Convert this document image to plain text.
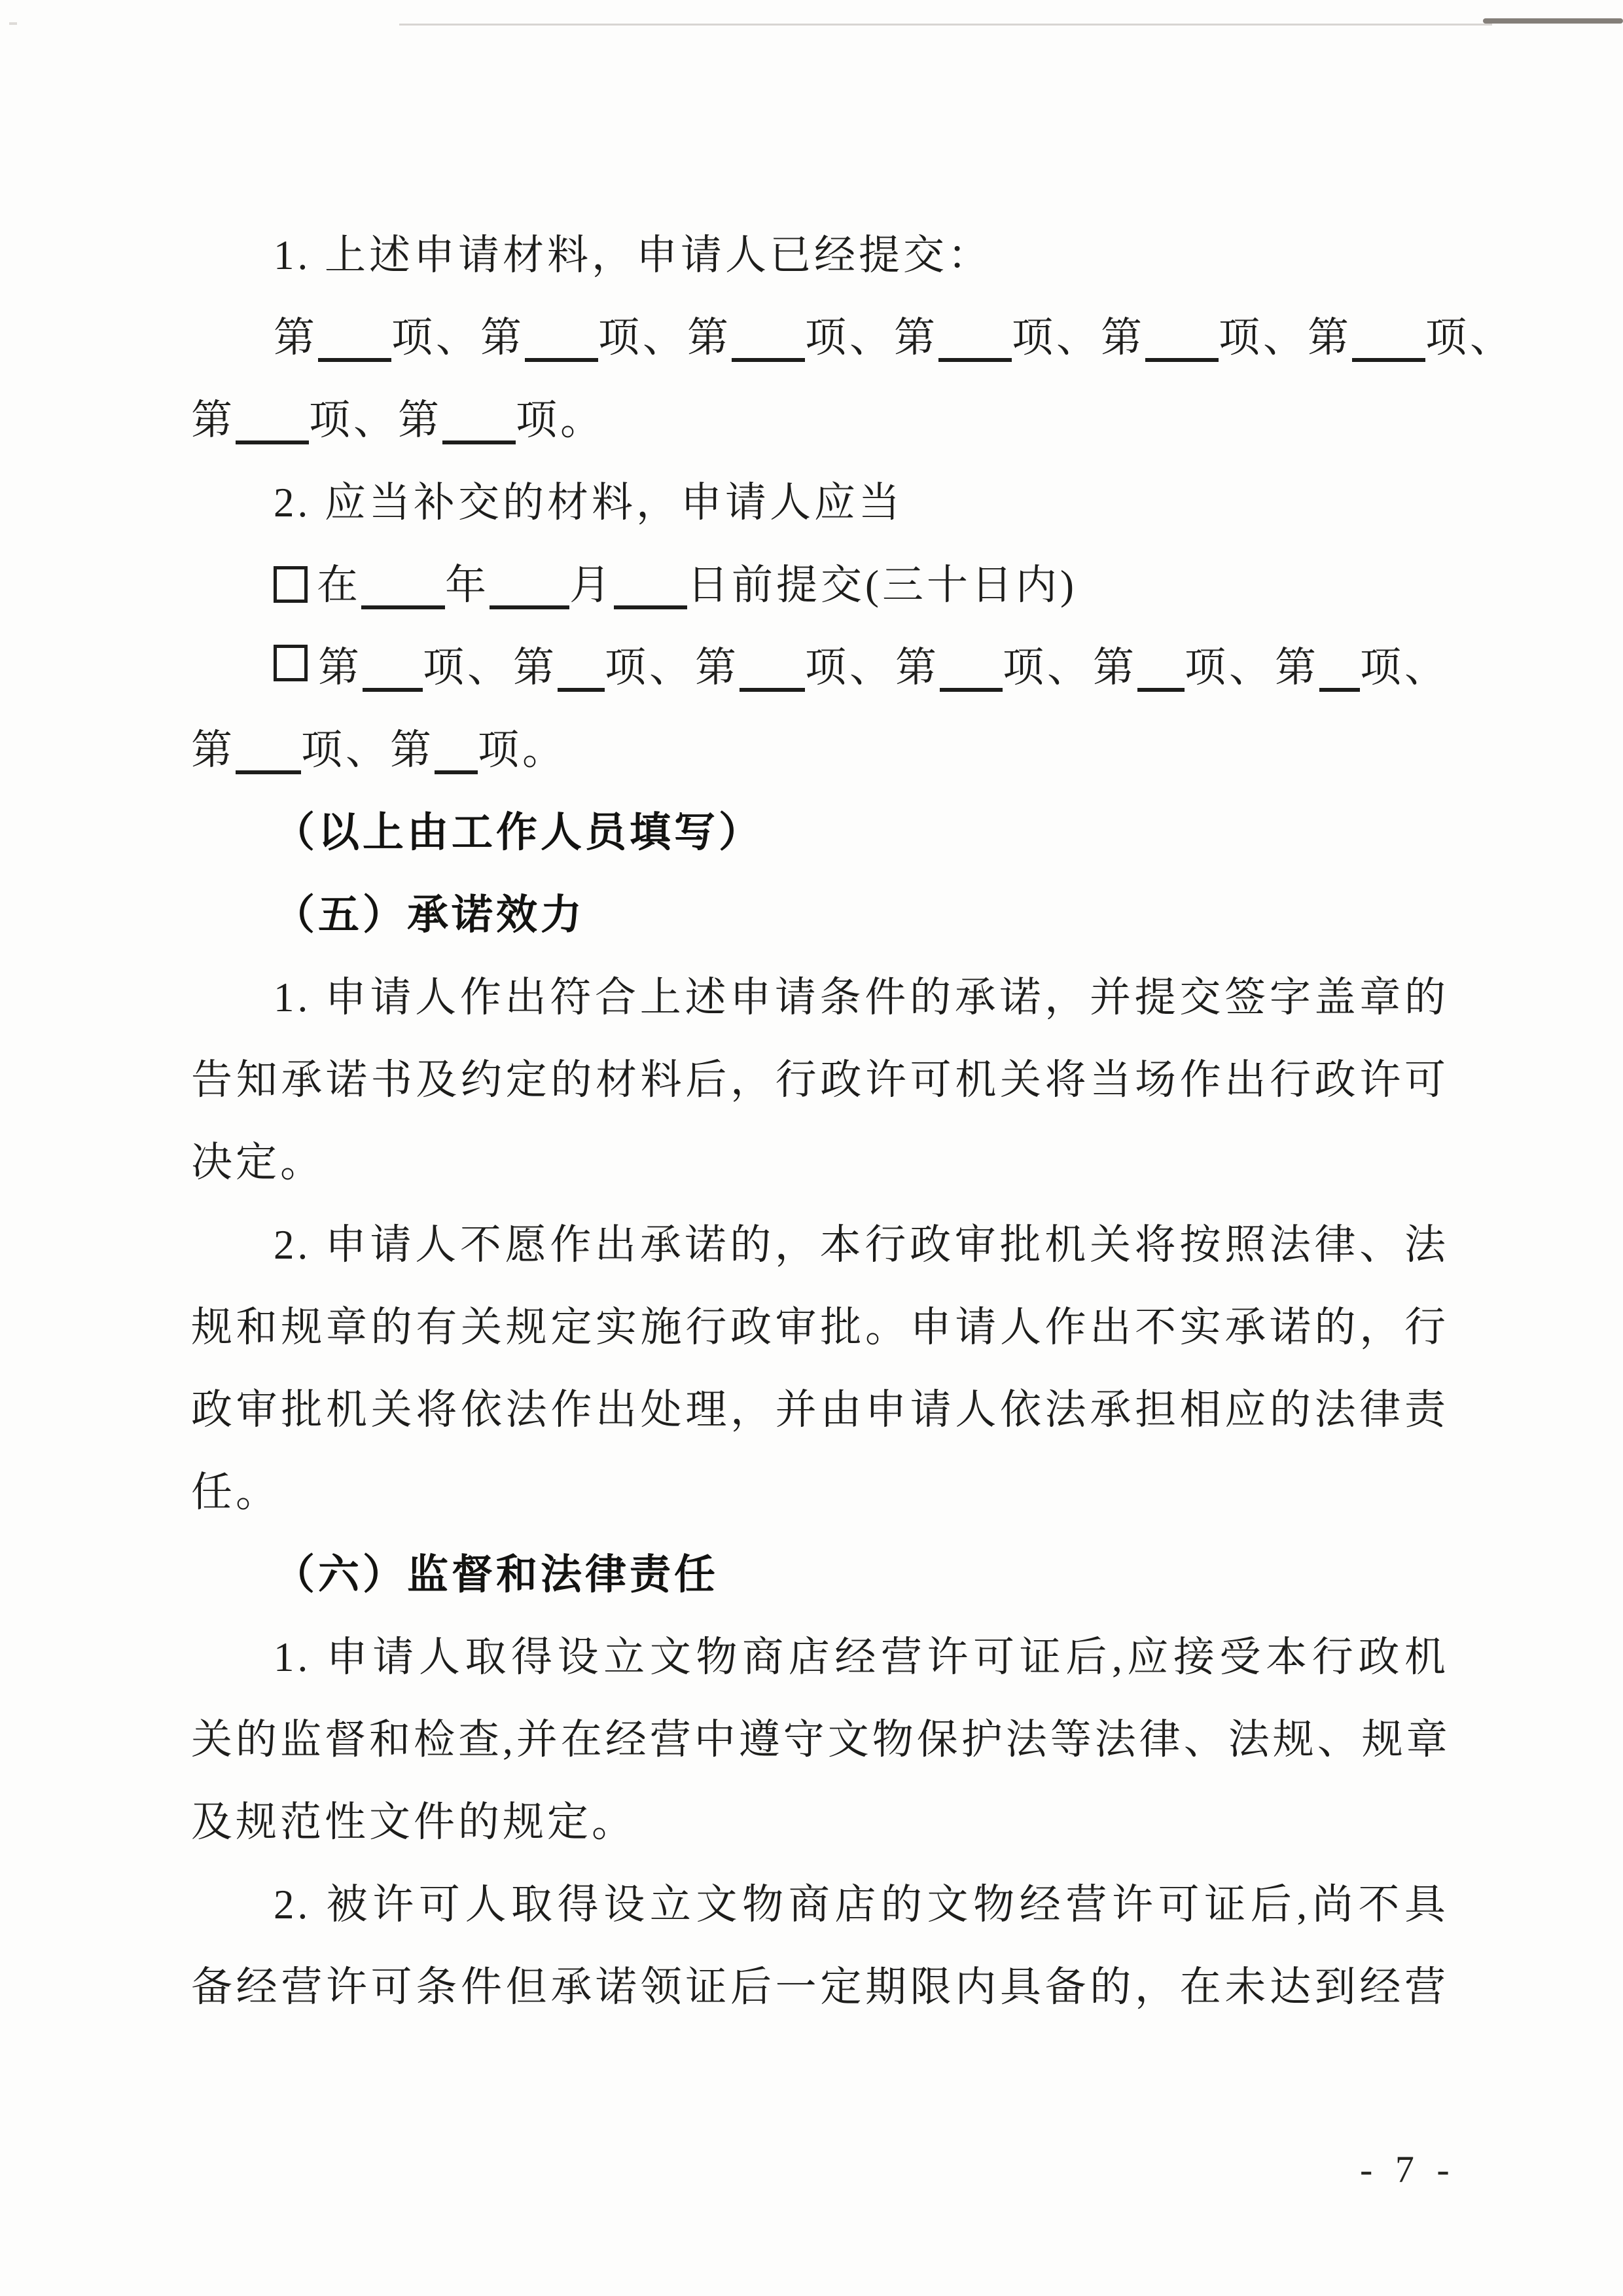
1. 上述申请材料，申请人已经提交：
第 项、 第 项、 第 项、 第 项、 第 项、 第 项、
第 项、第 项。
2. 应当补交的材料，申请人应当
在 年 月 日前提交(三十日内)
第 项、 第 项、 第 项、 第 项、 第 项、 第 项、
第 项、第 项。
（以上由工作人员填写）
（五）承诺效力
1. 申请人作出符合上述申请条件的承诺，并提交签字盖章的
告知承诺书及约定的材料后，行政许可机关将当场作出行政许可
决定。
2. 申请人不愿作出承诺的，本行政审批机关将按照法律、法
规和规章的有关规定实施行政审批。申请人作出不实承诺的，行
政审批机关将依法作出处理，并由申请人依法承担相应的法律责
任。
（六）监督和法律责任
1. 申请人取得设立文物商店经营许可证后,应接受本行政机
关的监督和检查,并在经营中遵守文物保护法等法律、法规、规章
及规范性文件的规定。
2. 被许可人取得设立文物商店的文物经营许可证后,尚不具
备经营许可条件但承诺领证后一定期限内具备的，在未达到经营
- 7 -
